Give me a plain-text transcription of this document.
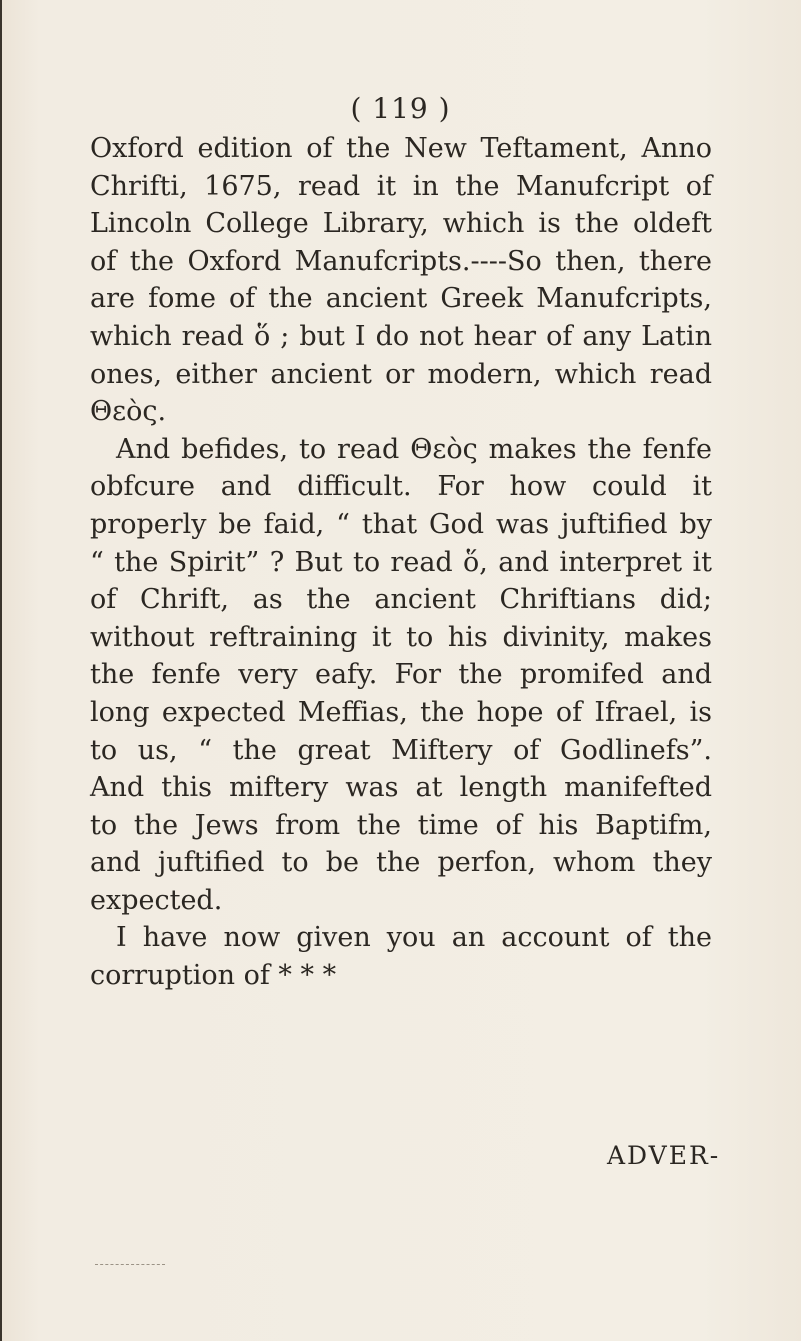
( 119 )
Oxford edition of the New Teftament, Anno
Chrifti, 1675, read it in the Manufcript of
Lincoln College Library, which is the oldeft
of the Oxford Manufcripts.----So then, there
are fome of the ancient Greek Manufcripts,
which read ὅ ; but I do not hear of any Latin
ones, either ancient or modern, which read
Θεὸς.
And befides, to read Θεὸς makes the fenfe
obfcure and difficult. For how could it
properly be faid, “ that God was juftified by
“ the Spirit” ? But to read ὅ, and interpret it
of Chrift, as the ancient Chriftians did;
without reftraining it to his divinity, makes
the fenfe very eafy. For the promifed and
long expected Meffias, the hope of Ifrael, is
to us, “ the great Miftery of Godlinefs”.
And this miftery was at length manifefted
to the Jews from the time of his Baptifm,
and juftified to be the perfon, whom they
expected.
I have now given you an account of the
corruption of * * *
ADVER-
